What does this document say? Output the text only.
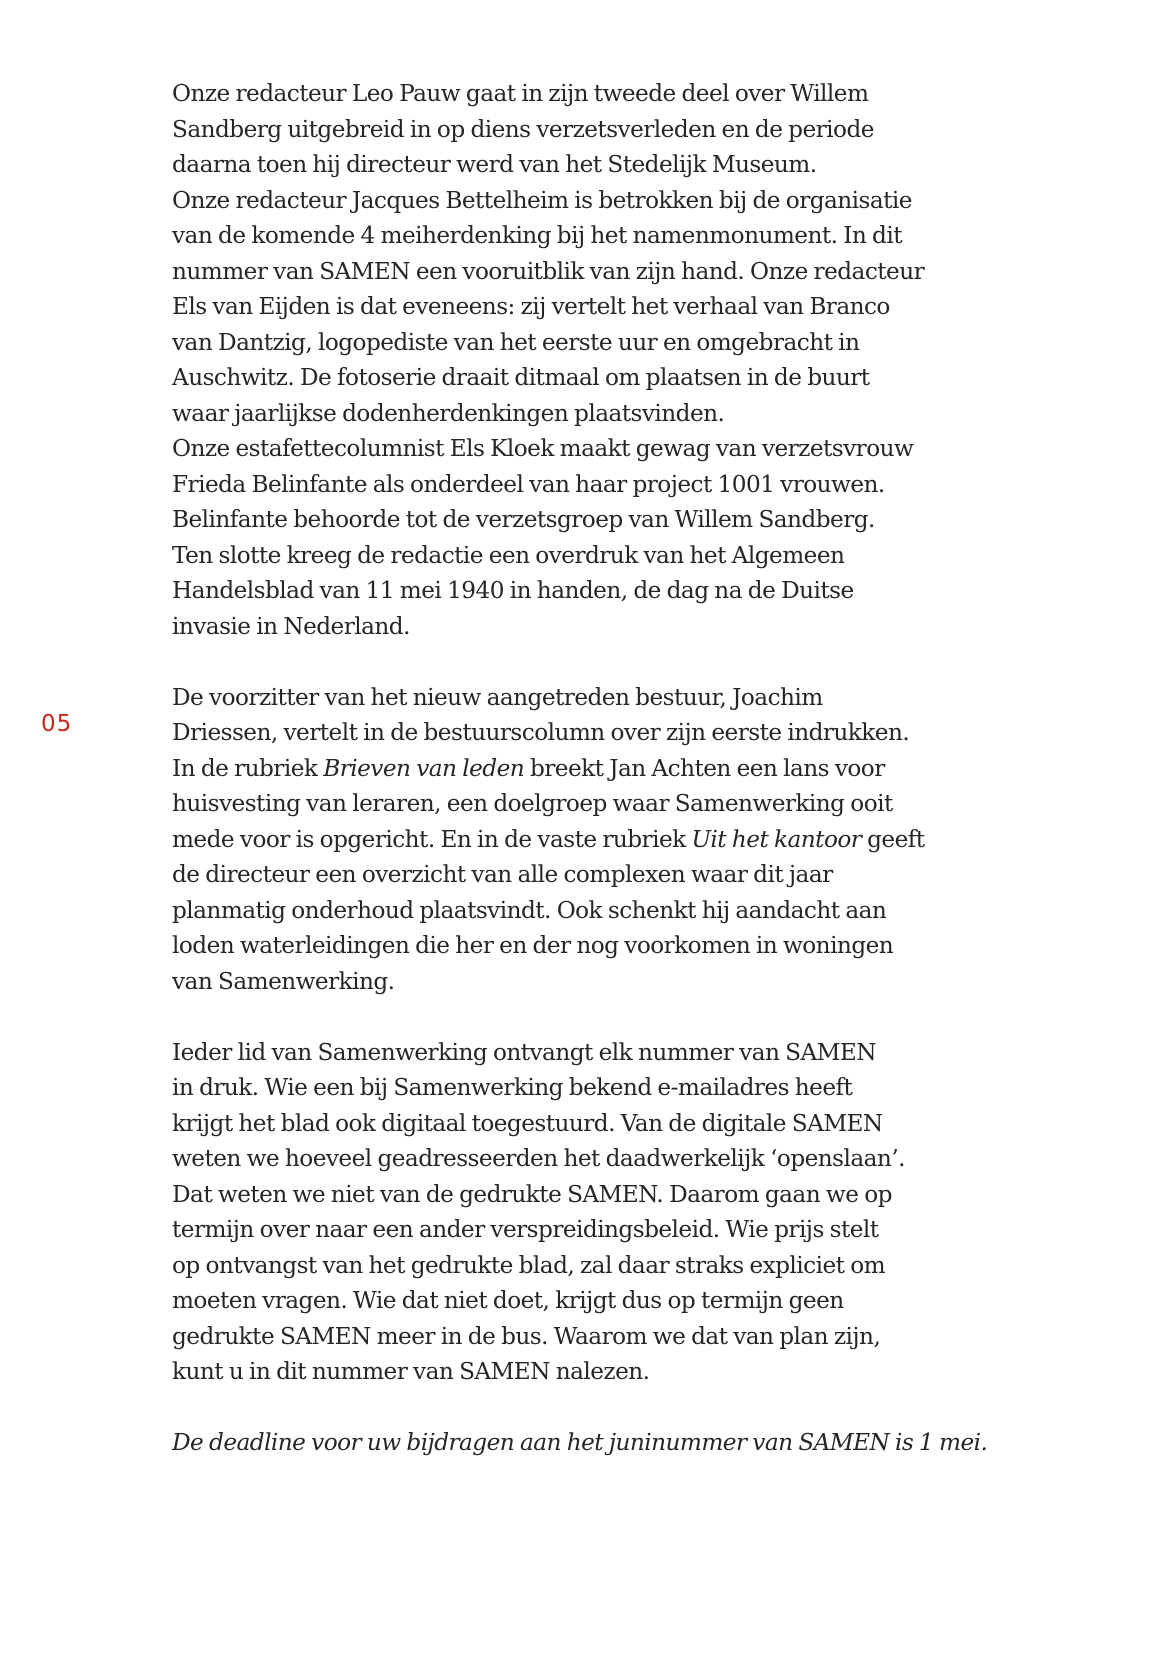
05

Onze redacteur Leo Pauw gaat in zijn tweede deel over Willem
Sandberg uitgebreid in op diens verzetsverleden en de periode
daarna toen hij directeur werd van het Stedelijk Museum.
Onze redacteur Jacques Bettelheim is betrokken bij de organisatie
van de komende 4 meiherdenking bij het namenmonument. In dit
nummer van SAMEN een vooruitblik van zijn hand. Onze redacteur
Els van Eijden is dat eveneens: zij vertelt het verhaal van Branco
van Dantzig, logopediste van het eerste uur en omgebracht in
Auschwitz. De fotoserie draait ditmaal om plaatsen in de buurt
waar jaarlijkse dodenherdenkingen plaatsvinden.
Onze estafettecolumnist Els Kloek maakt gewag van verzetsvrouw
Frieda Belinfante als onderdeel van haar project 1001 vrouwen.
Belinfante behoorde tot de verzetsgroep van Willem Sandberg.
Ten slotte kreeg de redactie een overdruk van het Algemeen
Handelsblad van 11 mei 1940 in handen, de dag na de Duitse
invasie in Nederland.

De voorzitter van het nieuw aangetreden bestuur, Joachim
Driessen, vertelt in de bestuurscolumn over zijn eerste indrukken.
In de rubriek Brieven van leden breekt Jan Achten een lans voor
huisvesting van leraren, een doelgroep waar Samenwerking ooit
mede voor is opgericht. En in de vaste rubriek Uit het kantoor geeft
de directeur een overzicht van alle complexen waar dit jaar
planmatig onderhoud plaatsvindt. Ook schenkt hij aandacht aan
loden waterleidingen die her en der nog voorkomen in woningen
van Samenwerking.

Ieder lid van Samenwerking ontvangt elk nummer van SAMEN
in druk. Wie een bij Samenwerking bekend e-mailadres heeft
krijgt het blad ook digitaal toegestuurd. Van de digitale SAMEN
weten we hoeveel geadresseerden het daadwerkelijk ‘openslaan’.
Dat weten we niet van de gedrukte SAMEN. Daarom gaan we op
termijn over naar een ander verspreidingsbeleid. Wie prijs stelt
op ontvangst van het gedrukte blad, zal daar straks expliciet om
moeten vragen. Wie dat niet doet, krijgt dus op termijn geen
gedrukte SAMEN meer in de bus. Waarom we dat van plan zijn,
kunt u in dit nummer van SAMEN nalezen.

De deadline voor uw bijdragen aan het juninummer van SAMEN is 1 mei.
